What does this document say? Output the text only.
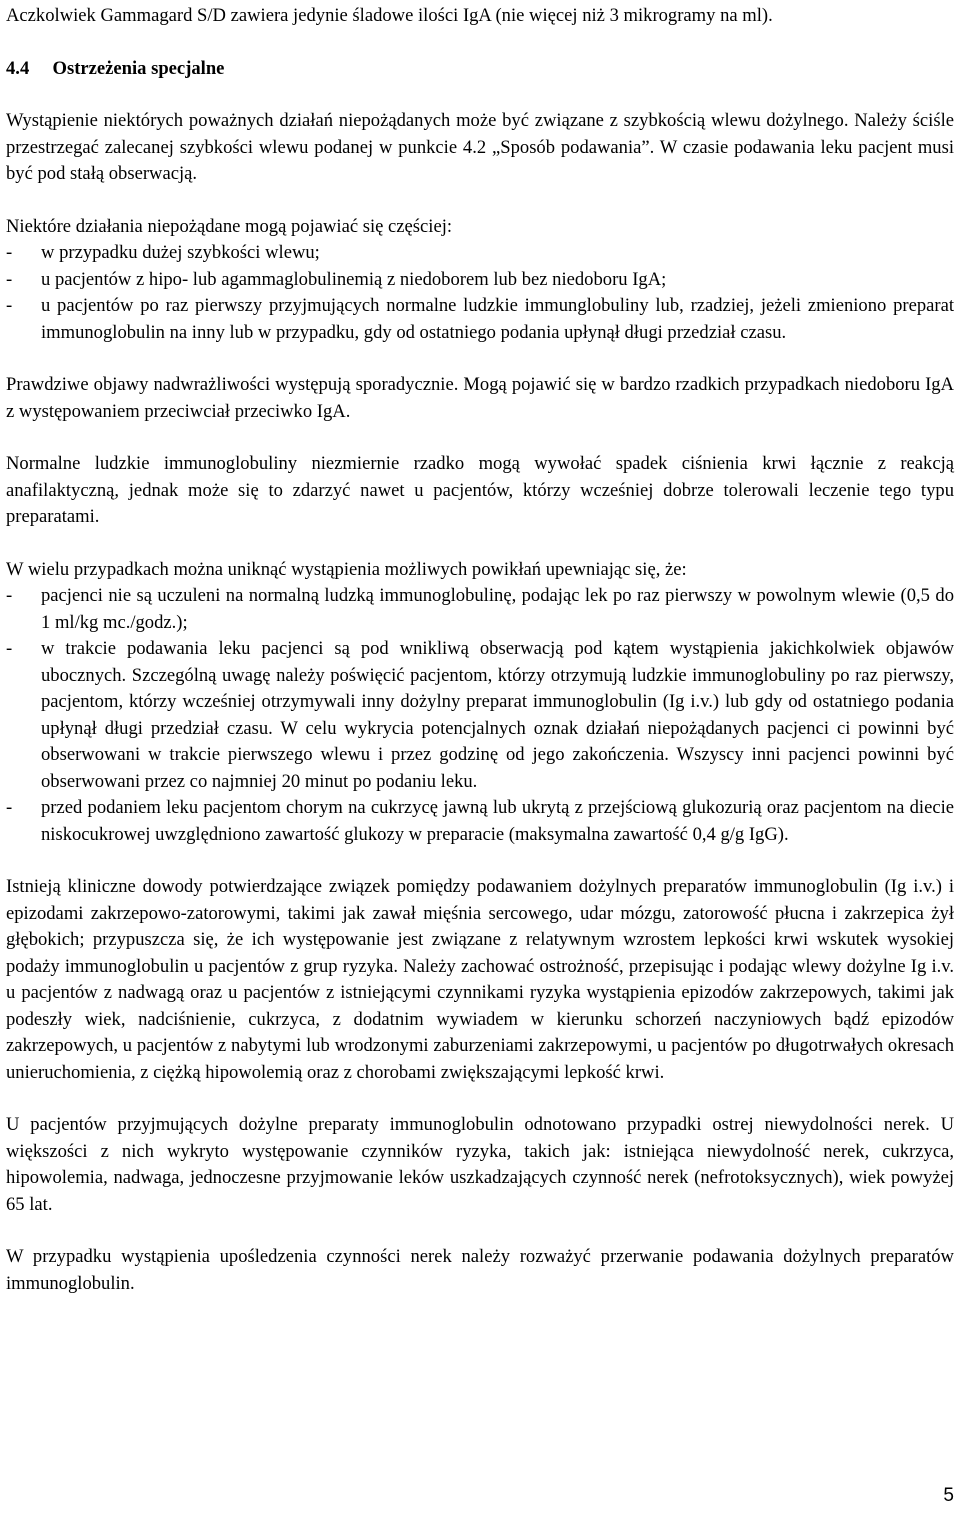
Aczkolwiek Gammagard S/D zawiera jedynie śladowe ilości IgA (nie więcej niż 3 mikrogramy na ml).

4.4 Ostrzeżenia specjalne

Wystąpienie niektórych poważnych działań niepożądanych może być związane z szybkością wlewu dożylnego. Należy ściśle przestrzegać zalecanej szybkości wlewu podanej w punkcie 4.2 „Sposób podawania”. W czasie podawania leku pacjent musi być pod stałą obserwacją.

Niektóre działania niepożądane mogą pojawiać się częściej:

- w przypadku dużej szybkości wlewu;
- u pacjentów z hipo- lub agammaglobulinemią z niedoborem lub bez niedoboru IgA;
- u pacjentów po raz pierwszy przyjmujących normalne ludzkie immunglobuliny lub, rzadziej, jeżeli zmieniono preparat immunoglobulin na inny lub w przypadku, gdy od ostatniego podania upłynął długi przedział czasu.

Prawdziwe objawy nadwrażliwości występują sporadycznie. Mogą pojawić się w bardzo rzadkich przypadkach niedoboru IgA z występowaniem przeciwciał przeciwko IgA.

Normalne ludzkie immunoglobuliny niezmiernie rzadko mogą wywołać spadek ciśnienia krwi łącznie z reakcją anafilaktyczną, jednak może się to zdarzyć nawet u pacjentów, którzy wcześniej dobrze tolerowali leczenie tego typu preparatami.

W wielu przypadkach można uniknąć wystąpienia możliwych powikłań upewniając się, że:

- pacjenci nie są uczuleni na normalną ludzką immunoglobulinę, podając lek po raz pierwszy w powolnym wlewie (0,5 do 1 ml/kg mc./godz.);
- w trakcie podawania leku pacjenci są pod wnikliwą obserwacją pod kątem wystąpienia jakichkolwiek objawów ubocznych. Szczególną uwagę należy poświęcić pacjentom, którzy otrzymują ludzkie immunoglobuliny po raz pierwszy, pacjentom, którzy wcześniej otrzymywali inny dożylny preparat immunoglobulin (Ig i.v.) lub gdy od ostatniego podania upłynął długi przedział czasu. W celu wykrycia potencjalnych oznak działań niepożądanych pacjenci ci powinni być obserwowani w trakcie pierwszego wlewu i przez godzinę od jego zakończenia. Wszyscy inni pacjenci powinni być obserwowani przez co najmniej 20 minut po podaniu leku.
- przed podaniem leku pacjentom chorym na cukrzycę jawną lub ukrytą z przejściową glukozurią oraz pacjentom na diecie niskocukrowej uwzględniono zawartość glukozy w preparacie (maksymalna zawartość 0,4 g/g IgG).

Istnieją kliniczne dowody potwierdzające związek pomiędzy podawaniem dożylnych preparatów immunoglobulin (Ig i.v.) i epizodami zakrzepowo-zatorowymi, takimi jak zawał mięśnia sercowego, udar mózgu, zatorowość płucna i zakrzepica żył głębokich; przypuszcza się, że ich występowanie jest związane z relatywnym wzrostem lepkości krwi wskutek wysokiej podaży immunoglobulin u pacjentów z grup ryzyka. Należy zachować ostrożność, przepisując i podając wlewy dożylne Ig i.v. u pacjentów z nadwagą oraz u pacjentów z istniejącymi czynnikami ryzyka wystąpienia epizodów zakrzepowych, takimi jak podeszły wiek, nadciśnienie, cukrzyca, z dodatnim wywiadem w kierunku schorzeń naczyniowych bądź epizodów zakrzepowych, u pacjentów z nabytymi lub wrodzonymi zaburzeniami zakrzepowymi, u pacjentów po długotrwałych okresach unieruchomienia, z ciężką hipowolemią oraz z chorobami zwiększającymi lepkość krwi.

U pacjentów przyjmujących dożylne preparaty immunoglobulin odnotowano przypadki ostrej niewydolności nerek. U większości z nich wykryto występowanie czynników ryzyka, takich jak: istniejąca niewydolność nerek, cukrzyca, hipowolemia, nadwaga, jednoczesne przyjmowanie leków uszkadzających czynność nerek (nefrotoksycznych), wiek powyżej 65 lat.

W przypadku wystąpienia upośledzenia czynności nerek należy rozważyć przerwanie podawania dożylnych preparatów immunoglobulin.

5
